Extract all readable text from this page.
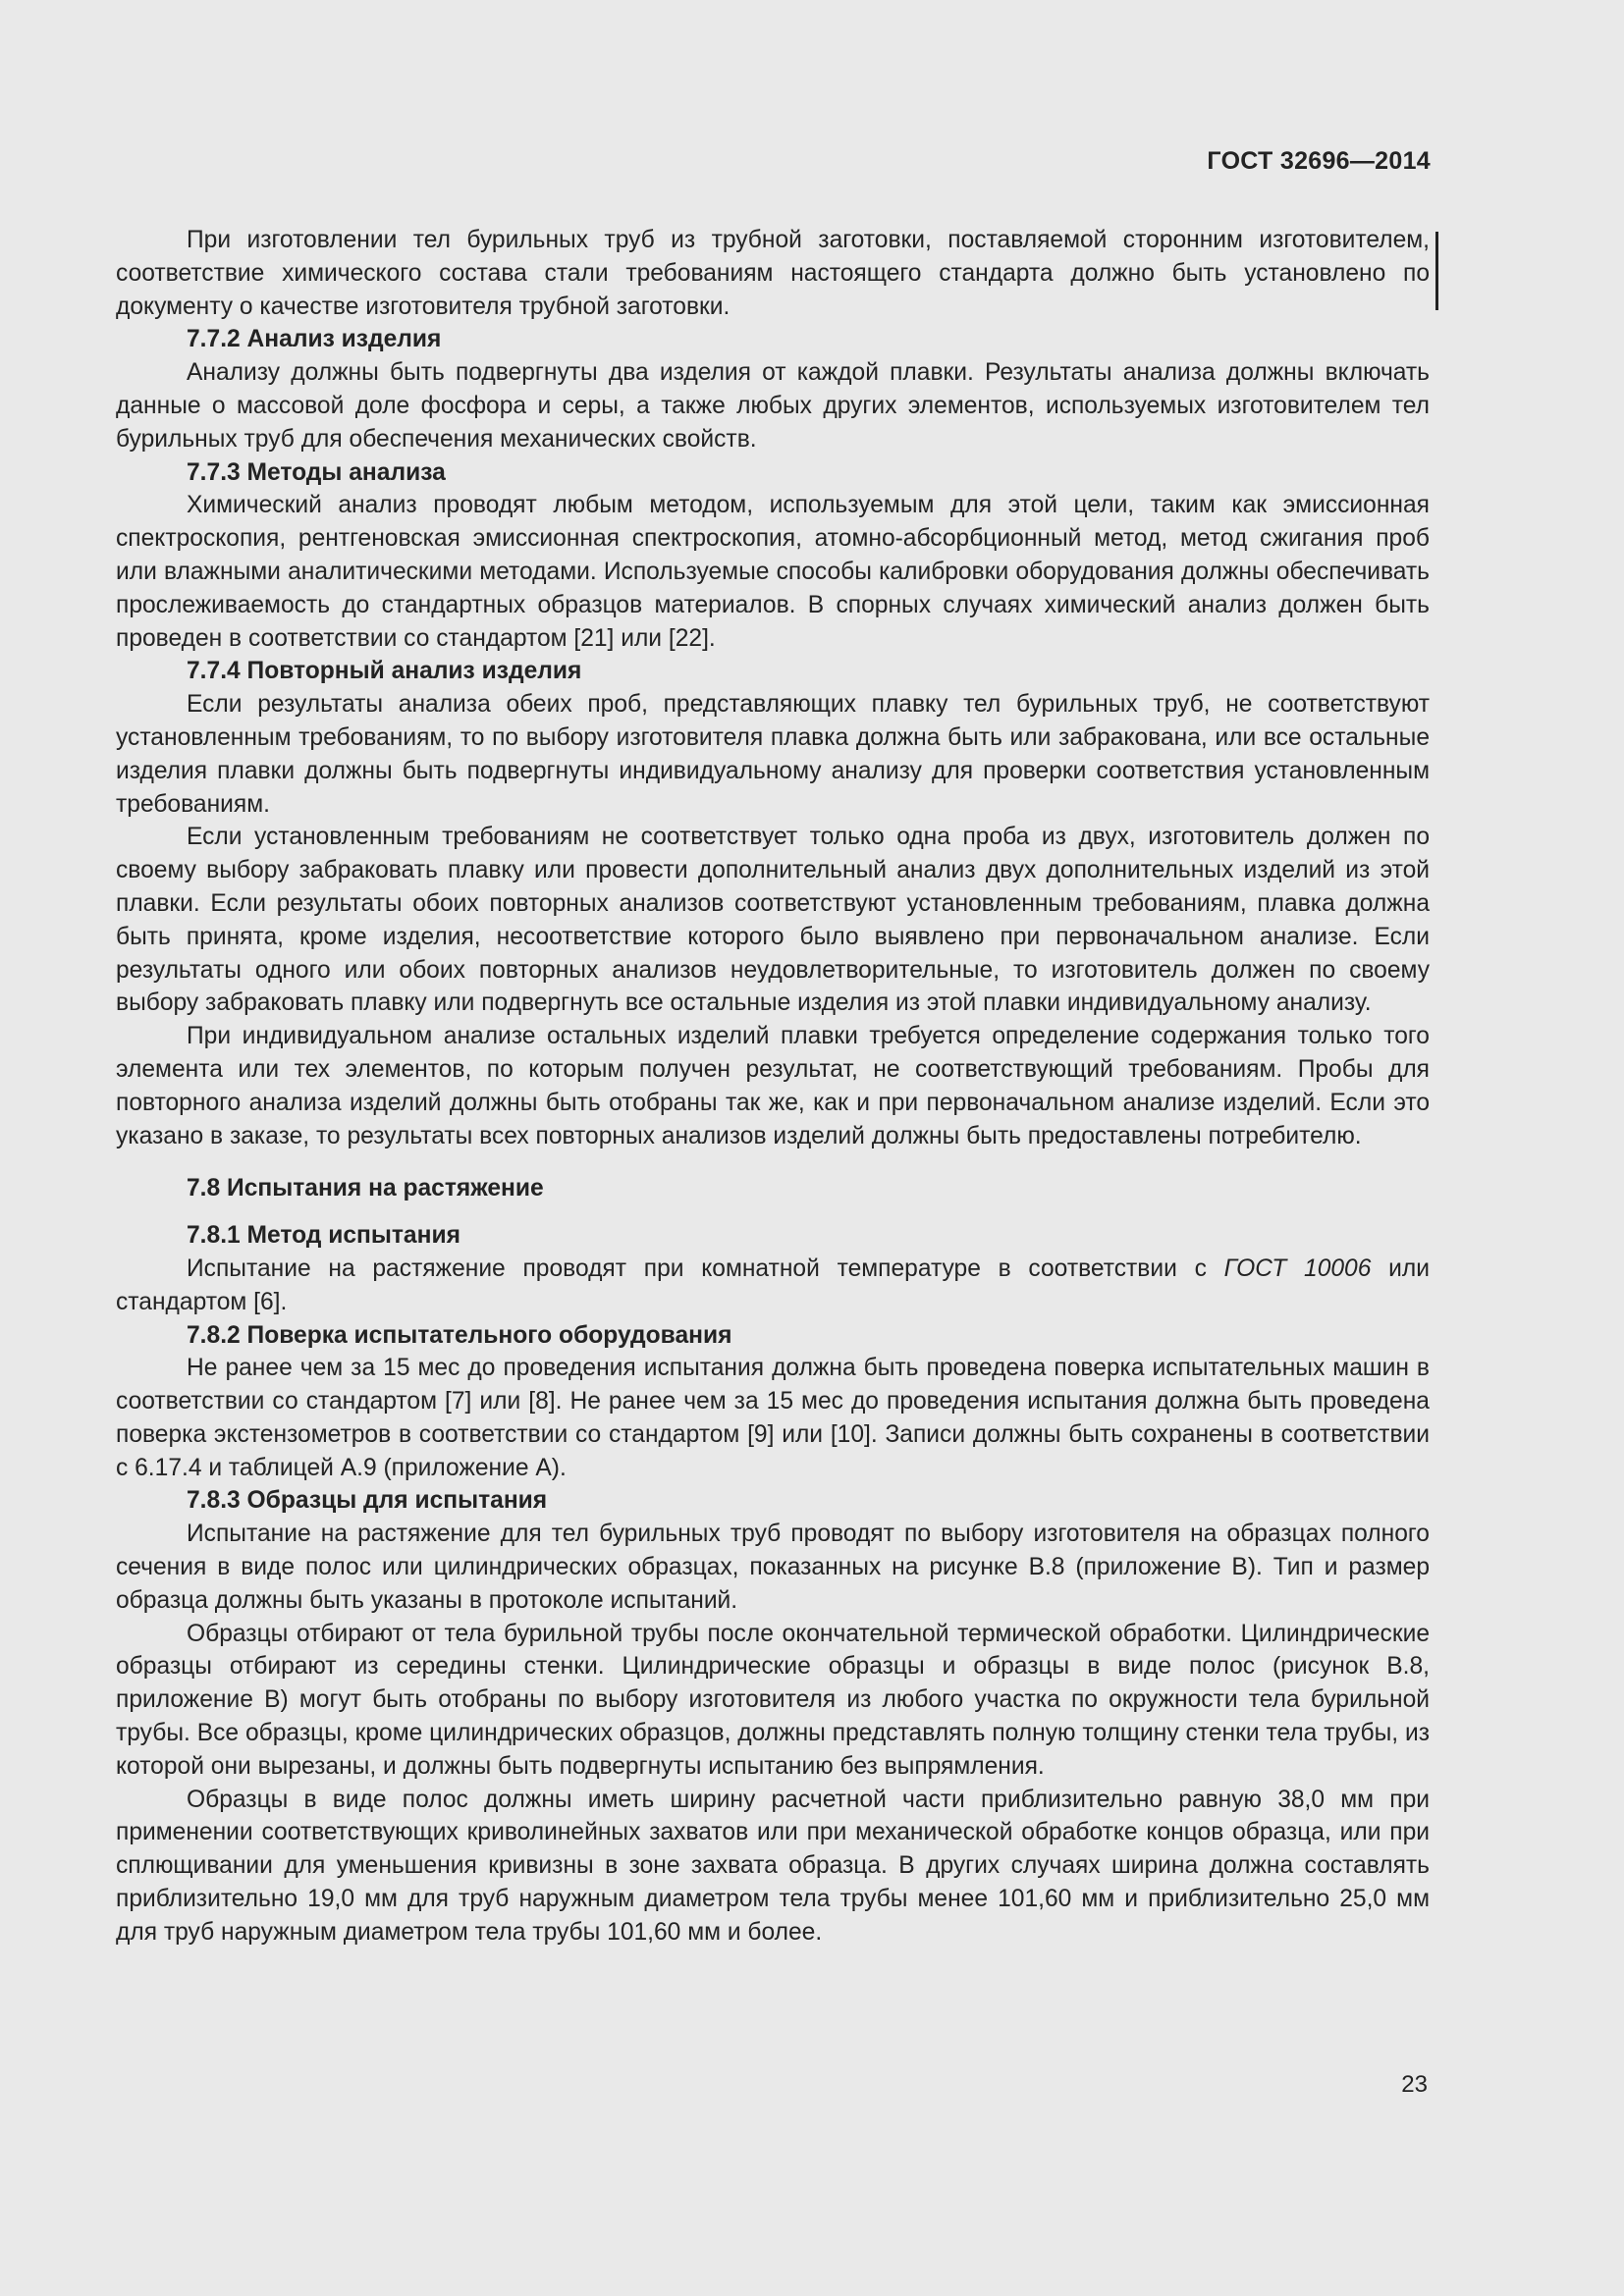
ГОСТ 32696—2014

При изготовлении тел бурильных труб из трубной заготовки, поставляемой сторонним изготовителем, соответствие химического состава стали требованиям настоящего стандарта должно быть установлено по документу о качестве изготовителя трубной заготовки.

7.7.2 Анализ изделия

Анализу должны быть подвергнуты два изделия от каждой плавки. Результаты анализа должны включать данные о массовой доле фосфора и серы, а также любых других элементов, используемых изготовителем тел бурильных труб для обеспечения механических свойств.

7.7.3 Методы анализа

Химический анализ проводят любым методом, используемым для этой цели, таким как эмиссионная спектроскопия, рентгеновская эмиссионная спектроскопия, атомно-абсорбционный метод, метод сжигания проб или влажными аналитическими методами. Используемые способы калибровки оборудования должны обеспечивать прослеживаемость до стандартных образцов материалов. В спорных случаях химический анализ должен быть проведен в соответствии со стандартом [21] или [22].

7.7.4 Повторный анализ изделия

Если результаты анализа обеих проб, представляющих плавку тел бурильных труб, не соответствуют установленным требованиям, то по выбору изготовителя плавка должна быть или забракована, или все остальные изделия плавки должны быть подвергнуты индивидуальному анализу для проверки соответствия установленным требованиям.

Если установленным требованиям не соответствует только одна проба из двух, изготовитель должен по своему выбору забраковать плавку или провести дополнительный анализ двух дополнительных изделий из этой плавки. Если результаты обоих повторных анализов соответствуют установленным требованиям, плавка должна быть принята, кроме изделия, несоответствие которого было выявлено при первоначальном анализе. Если результаты одного или обоих повторных анализов неудовлетворительные, то изготовитель должен по своему выбору забраковать плавку или подвергнуть все остальные изделия из этой плавки индивидуальному анализу.

При индивидуальном анализе остальных изделий плавки требуется определение содержания только того элемента или тех элементов, по которым получен результат, не соответствующий требованиям. Пробы для повторного анализа изделий должны быть отобраны так же, как и при первоначальном анализе изделий. Если это указано в заказе, то результаты всех повторных анализов изделий должны быть предоставлены потребителю.

7.8 Испытания на растяжение

7.8.1 Метод испытания

Испытание на растяжение проводят при комнатной температуре в соответствии с ГОСТ 10006 или стандартом [6].

7.8.2 Поверка испытательного оборудования

Не ранее чем за 15 мес до проведения испытания должна быть проведена поверка испытательных машин в соответствии со стандартом [7] или [8]. Не ранее чем за 15 мес до проведения испытания должна быть проведена поверка экстензометров в соответствии со стандартом [9] или [10]. Записи должны быть сохранены в соответствии с 6.17.4 и таблицей А.9 (приложение А).

7.8.3 Образцы для испытания

Испытание на растяжение для тел бурильных труб проводят по выбору изготовителя на образцах полного сечения в виде полос или цилиндрических образцах, показанных на рисунке В.8 (приложение В). Тип и размер образца должны быть указаны в протоколе испытаний.

Образцы отбирают от тела бурильной трубы после окончательной термической обработки. Цилиндрические образцы отбирают из середины стенки. Цилиндрические образцы и образцы в виде полос (рисунок В.8, приложение В) могут быть отобраны по выбору изготовителя из любого участка по окружности тела бурильной трубы. Все образцы, кроме цилиндрических образцов, должны представлять полную толщину стенки тела трубы, из которой они вырезаны, и должны быть подвергнуты испытанию без выпрямления.

Образцы в виде полос должны иметь ширину расчетной части приблизительно равную 38,0 мм при применении соответствующих криволинейных захватов или при механической обработке концов образца, или при сплющивании для уменьшения кривизны в зоне захвата образца. В других случаях ширина должна составлять приблизительно 19,0 мм для труб наружным диаметром тела трубы менее 101,60 мм и приблизительно 25,0 мм для труб наружным диаметром тела трубы 101,60 мм и более.

23
